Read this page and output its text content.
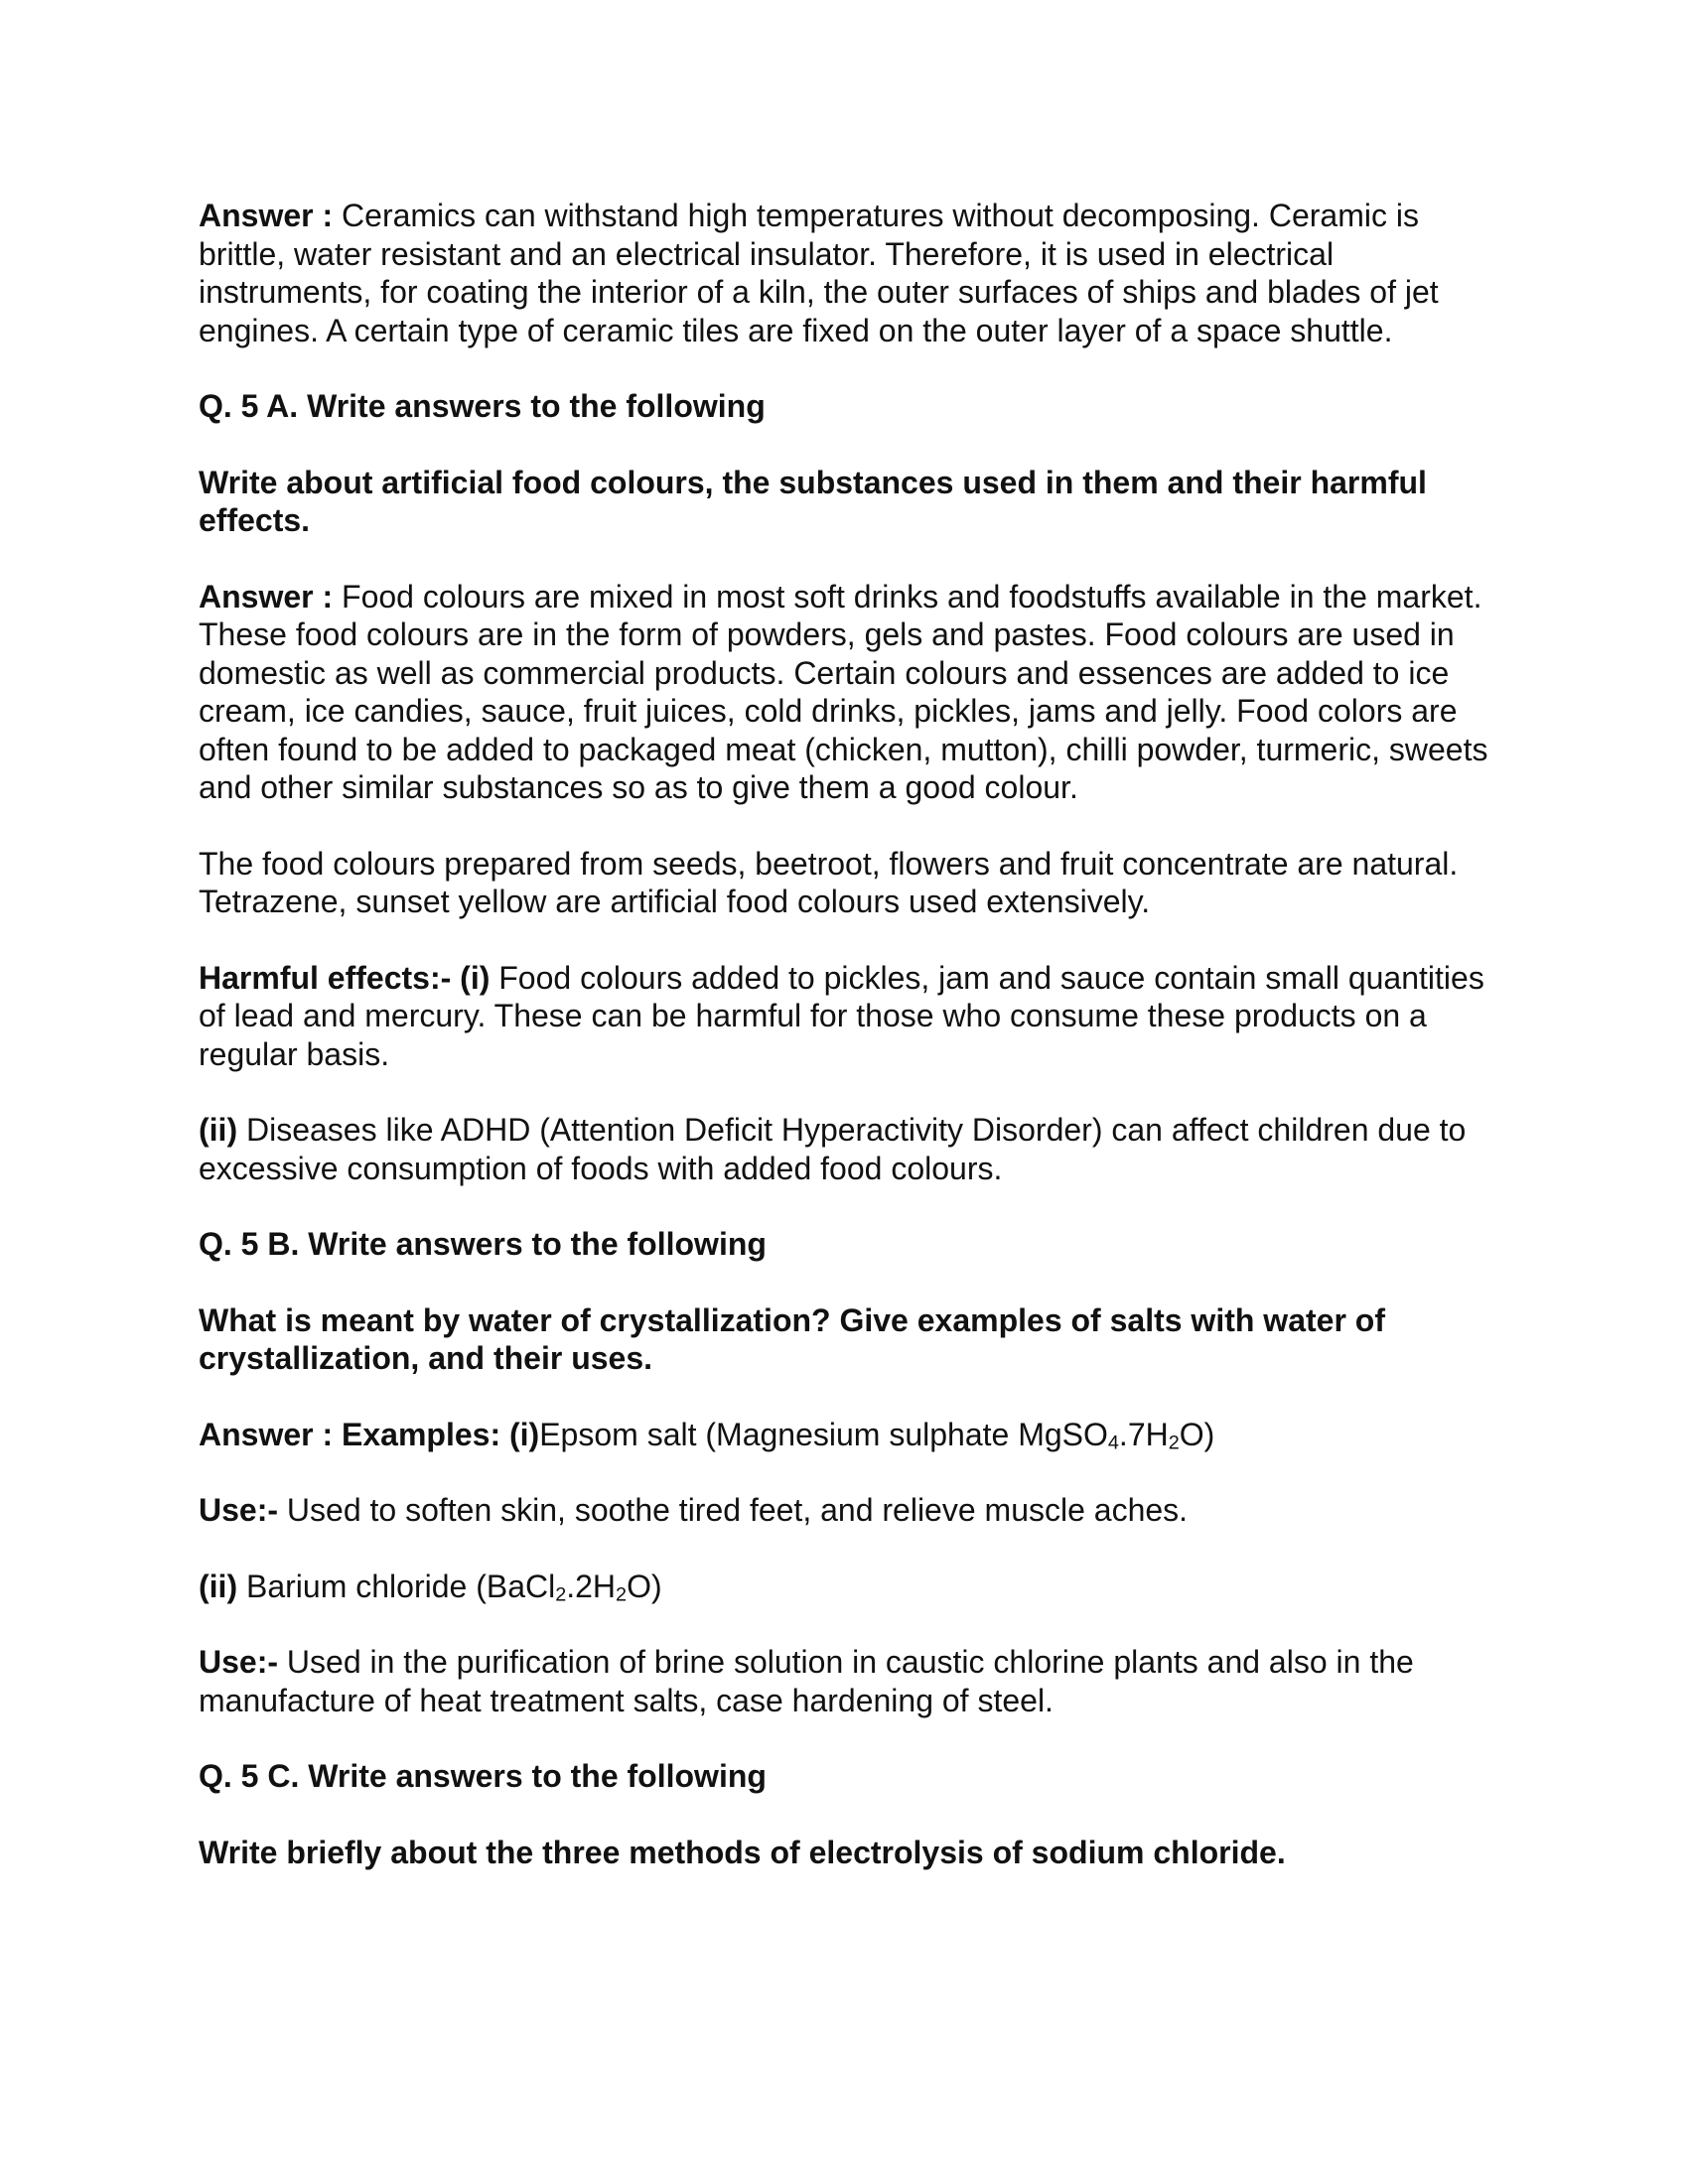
Answer : Ceramics can withstand high temperatures without decomposing. Ceramic is brittle, water resistant and an electrical insulator. Therefore, it is used in electrical instruments, for coating the interior of a kiln, the outer surfaces of ships and blades of jet engines. A certain type of ceramic tiles are fixed on the outer layer of a space shuttle.

Q. 5 A. Write answers to the following

Write about artificial food colours, the substances used in them and their harmful effects.

Answer : Food colours are mixed in most soft drinks and foodstuffs available in the market. These food colours are in the form of powders, gels and pastes. Food colours are used in domestic as well as commercial products. Certain colours and essences are added to ice cream, ice candies, sauce, fruit juices, cold drinks, pickles, jams and jelly. Food colors are often found to be added to packaged meat (chicken, mutton), chilli powder, turmeric, sweets and other similar substances so as to give them a good colour.

The food colours prepared from seeds, beetroot, flowers and fruit concentrate are natural. Tetrazene, sunset yellow are artificial food colours used extensively.

Harmful effects:- (i) Food colours added to pickles, jam and sauce contain small quantities of lead and mercury. These can be harmful for those who consume these products on a regular basis.

(ii) Diseases like ADHD (Attention Deficit Hyperactivity Disorder) can affect children due to excessive consumption of foods with added food colours.

Q. 5 B. Write answers to the following

What is meant by water of crystallization? Give examples of salts with water of crystallization, and their uses.

Answer : Examples: (i)Epsom salt (Magnesium sulphate $MgSO_4.7H_2O$)

Use:- Used to soften skin, soothe tired feet, and relieve muscle aches.

(ii) Barium chloride $(BaCl_2.2H_2O)$

Use:- Used in the purification of brine solution in caustic chlorine plants and also in the manufacture of heat treatment salts, case hardening of steel.

Q. 5 C. Write answers to the following

Write briefly about the three methods of electrolysis of sodium chloride.
